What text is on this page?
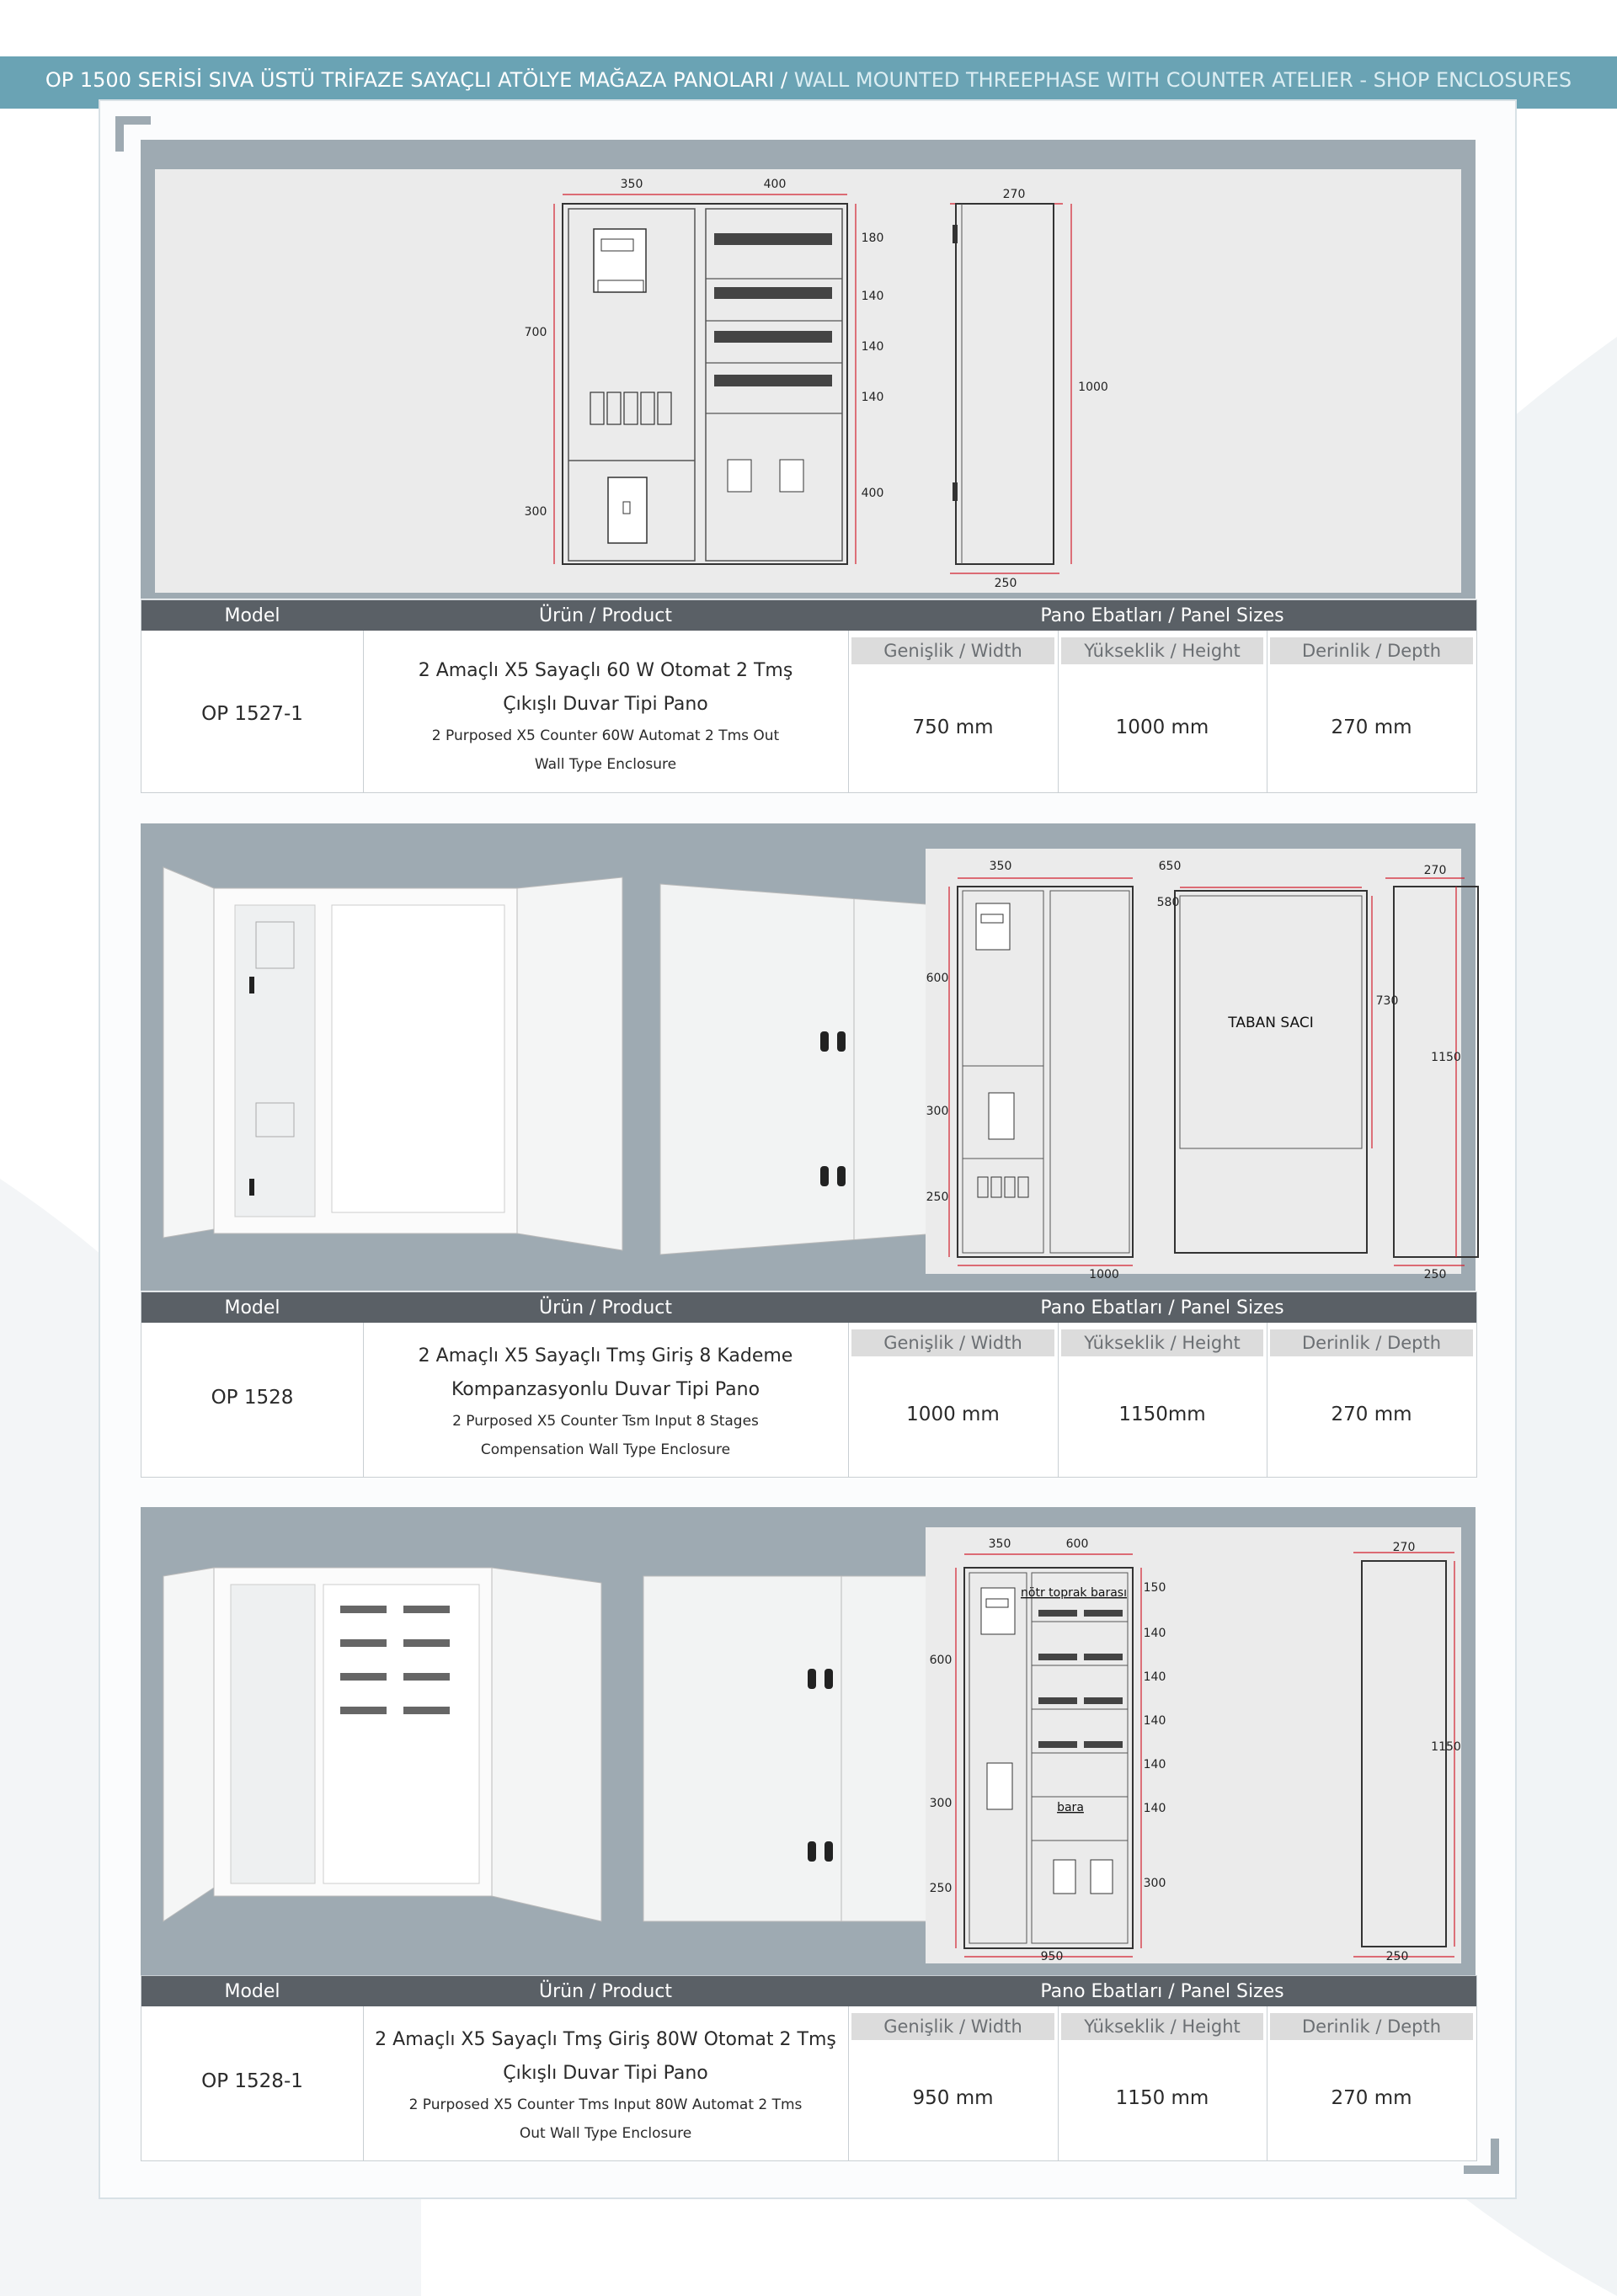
OP 1500 SERİSİ SIVA ÜSTÜ TRİFAZE SAYAÇLI ATÖLYE MAĞAZA PANOLARI / WALL MOUNTED THREEPHASE WITH COUNTER ATELIER - SHOP ENCLOSURES
350	400
270
700
300
180
140
140
140
400
1000
250
Model	Ürün / Product	Pano Ebatları / Panel Sizes
Genişlik / Width	Yükseklik / Height	Derinlik / Depth
OP 1527-1
2 Amaçlı X5 Sayaçlı 60 W Otomat 2 Tmş
Çıkışlı Duvar Tipi Pano
2 Purposed X5 Counter 60W Automat 2 Tms Out
Wall Type Enclosure
750 mm	1000 mm	270 mm
TABAN SACI
350	650
580
270
600
300
250
730
1150
1000	250
Model	Ürün / Product	Pano Ebatları / Panel Sizes
Genişlik / Width	Yükseklik / Height	Derinlik / Depth
OP 1528
2 Amaçlı X5 Sayaçlı Tmş Giriş 8 Kademe
Kompanzasyonlu Duvar Tipi Pano
2 Purposed X5 Counter Tsm Input 8 Stages
Compensation Wall Type Enclosure
1000 mm	1150mm	270 mm
nötr toprak barası
bara
350	600	270
600
300
250
150
140
140
140
140
140
300
1150
950	250
Model	Ürün / Product	Pano Ebatları / Panel Sizes
Genişlik / Width	Yükseklik / Height	Derinlik / Depth
OP 1528-1
2 Amaçlı X5 Sayaçlı Tmş Giriş 80W Otomat 2 Tmş
Çıkışlı Duvar Tipi Pano
2 Purposed X5 Counter Tms Input 80W Automat 2 Tms
Out Wall Type Enclosure
950 mm	1150 mm	270 mm
